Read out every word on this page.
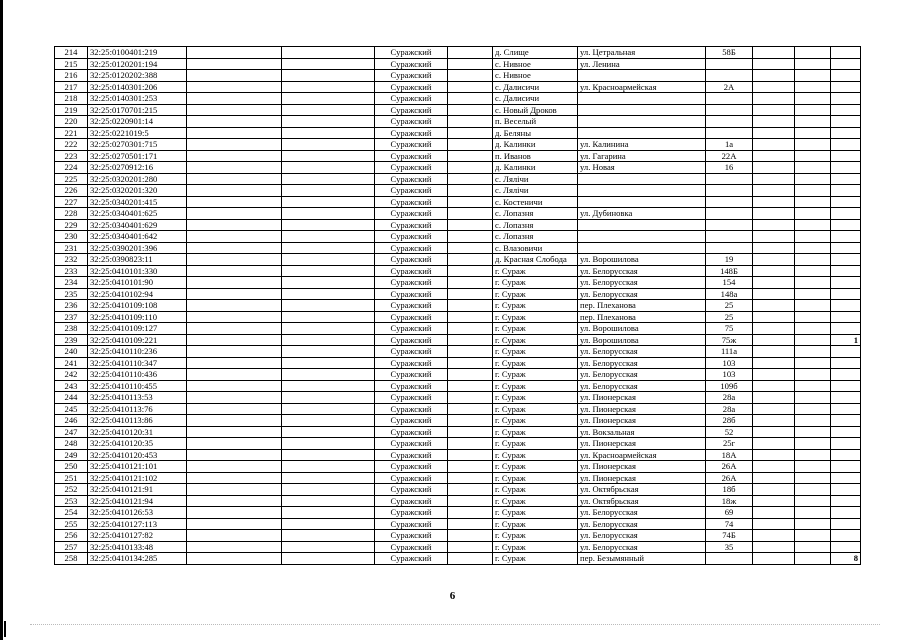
214	32:25:0100401:219			Суражский		д. Слище	ул. Цетральная	58Б			
215	32:25:0120201:194			Суражский		с. Нивное	ул. Ленина				
216	32:25:0120202:388			Суражский		с. Нивное					
217	32:25:0140301:206			Суражский		с. Далисичи	ул. Красноармейская	2А			
218	32:25:0140301:253			Суражский		с. Далисичи					
219	32:25:0170701:215			Суражский		с. Новый Дроков					
220	32:25:0220901:14			Суражский		п. Веселый					
221	32:25:0221019:5			Суражский		д. Беляны					
222	32:25:0270301:715			Суражский		д. Калинки	ул. Калинина	1а			
223	32:25:0270501:171			Суражский		п. Иванов	ул. Гагарина	22А			
224	32:25:0270912:16			Суражский		д. Калинки	ул. Новая	16			
225	32:25:0320201:280			Суражский		с. Лялічи					
226	32:25:0320201:320			Суражский		с. Лялічи					
227	32:25:0340201:415			Суражский		с. Костеничи					
228	32:25:0340401:625			Суражский		с. Лопазня	ул. Дубиновка				
229	32:25:0340401:629			Суражский		с. Лопазня					
230	32:25:0340401:642			Суражский		с. Лопазня					
231	32:25:0390201:396			Суражский		с. Влазовичи					
232	32:25:0390823:11			Суражский		д. Красная Слобода	ул. Ворошилова	19			
233	32:25:0410101:330			Суражский		г. Сураж	ул. Белорусская	148Б			
234	32:25:0410101:90			Суражский		г. Сураж	ул. Белорусская	154			
235	32:25:0410102:94			Суражский		г. Сураж	ул. Белорусская	148а			
236	32:25:0410109:108			Суражский		г. Сураж	пер. Плеханова	25			
237	32:25:0410109:110			Суражский		г. Сураж	пер. Плеханова	25			
238	32:25:0410109:127			Суражский		г. Сураж	ул. Ворошилова	75			
239	32:25:0410109:221			Суражский		г. Сураж	ул. Ворошилова	75ж			1
240	32:25:0410110:236			Суражский		г. Сураж	ул. Белорусская	111а			
241	32:25:0410110:347			Суражский		г. Сураж	ул. Белорусская	103			
242	32:25:0410110:436			Суражский		г. Сураж	ул. Белорусская	103			
243	32:25:0410110:455			Суражский		г. Сураж	ул. Белорусская	109б			
244	32:25:0410113:53			Суражский		г. Сураж	ул. Пионерская	28а			
245	32:25:0410113:76			Суражский		г. Сураж	ул. Пионерская	28а			
246	32:25:0410113:86			Суражский		г. Сураж	ул. Пионерская	28б			
247	32:25:0410120:31			Суражский		г. Сураж	ул. Вокзальная	52			
248	32:25:0410120:35			Суражский		г. Сураж	ул. Пионерская	25г			
249	32:25:0410120:453			Суражский		г. Сураж	ул. Красноармейская	18А			
250	32:25:0410121:101			Суражский		г. Сураж	ул. Пионерская	26А			
251	32:25:0410121:102			Суражский		г. Сураж	ул. Пионерская	26А			
252	32:25:0410121:91			Суражский		г. Сураж	ул. Октябрьская	18б			
253	32:25:0410121:94			Суражский		г. Сураж	ул. Октябрьская	18ж			
254	32:25:0410126:53			Суражский		г. Сураж	ул. Белорусская	69			
255	32:25:0410127:113			Суражский		г. Сураж	ул. Белорусская	74			
256	32:25:0410127:82			Суражский		г. Сураж	ул. Белорусская	74Б			
257	32:25:0410133:48			Суражский		г. Сураж	ул. Белорусская	35			
258	32:25:0410134:285			Суражский		г. Сураж	пер. Безымянный				8
6
